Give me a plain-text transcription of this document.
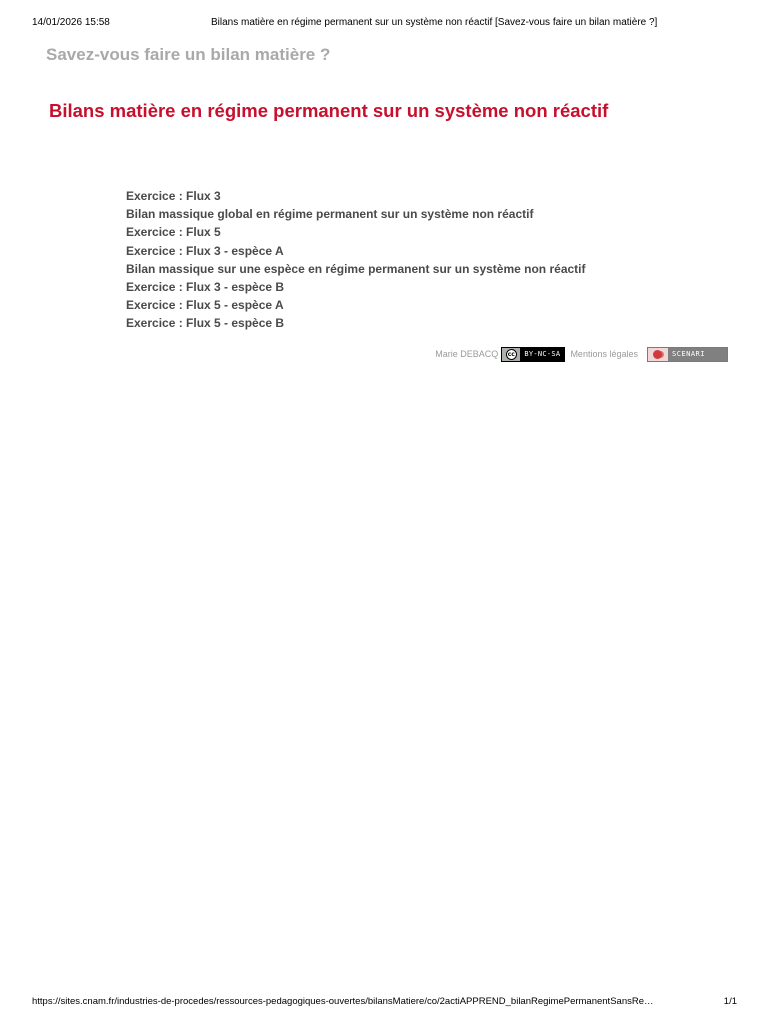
14/01/2026 15:58	Bilans matière en régime permanent sur un système non réactif [Savez-vous faire un bilan matière ?]
Savez-vous faire un bilan matière ?
Bilans matière en régime permanent sur un système non réactif
Exercice : Flux 3
Bilan massique global en régime permanent sur un système non réactif
Exercice : Flux 5
Exercice : Flux 3 - espèce A
Bilan massique sur une espèce en régime permanent sur un système non réactif
Exercice : Flux 3 - espèce B
Exercice : Flux 5 - espèce A
Exercice : Flux 5 - espèce B
Marie DEBACQ	cc	BY-NC-SA	Mentions légales	SCENARI
https://sites.cnam.fr/industries-de-procedes/ressources-pedagogiques-ouvertes/bilansMatiere/co/2actiAPPREND_bilanRegimePermanentSansRe…	1/1
